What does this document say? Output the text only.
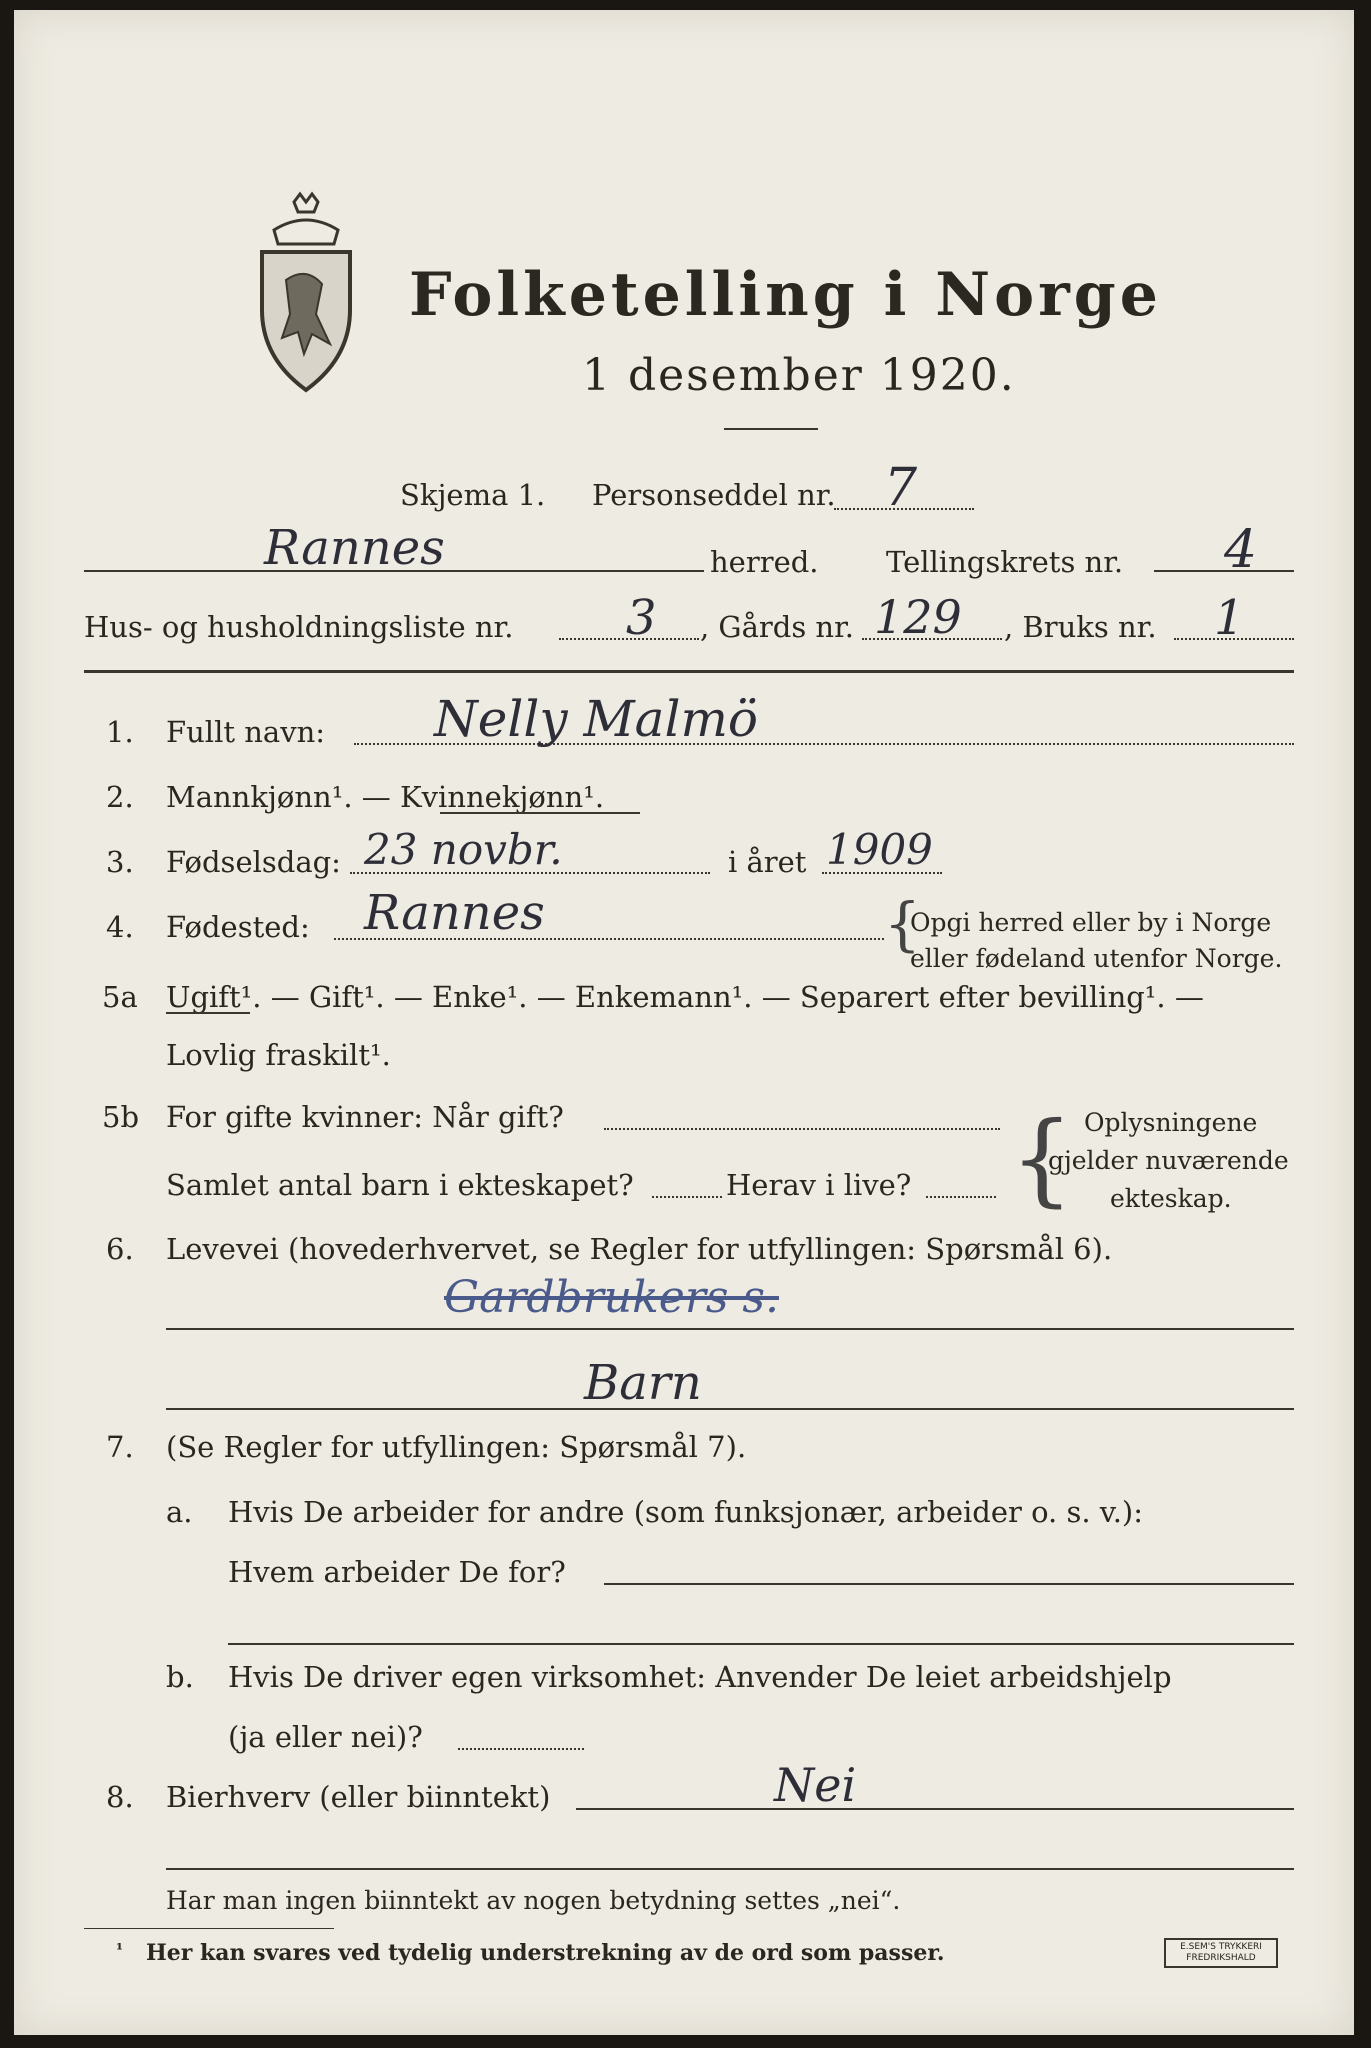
Folketelling i Norge
1 desember 1920.
Skjema 1. Personseddel nr. 7
Rannes	herred. Tellingskrets nr. 4
Hus- og husholdningsliste nr. 3 , Gårds nr. 129 , Bruks nr. 1
1. Fullt navn: Nelly Malmö
2. Mannkjønn¹. — Kvinnekjønn¹.
3. Fødselsdag: 23 novbr.	i året 1909
4. Fødested: Rannes	{
Opgi herred eller by i Norge
eller fødeland utenfor Norge.
5a Ugift¹. — Gift¹. — Enke¹. — Enkemann¹. — Separert efter bevilling¹. —
Lovlig fraskilt¹.
5b For gifte kvinner: Når gift?
Samlet antal barn i ekteskapet?	Herav i live? { Oplysningene
gjelder nuværende
ekteskap.
6. Levevei (hovederhvervet, se Regler for utfyllingen: Spørsmål 6).
Gardbrukers s.
Barn
7. (Se Regler for utfyllingen: Spørsmål 7).
a. Hvis De arbeider for andre (som funksjonær, arbeider o. s. v.):
Hvem arbeider De for?
b. Hvis De driver egen virksomhet: Anvender De leiet arbeidshjelp
(ja eller nei)?
8. Bierhverv (eller biinntekt)	Nei
Har man ingen biinntekt av nogen betydning settes „nei“.
¹ Her kan svares ved tydelig understrekning av de ord som passer.	E.SEM'S TRYKKERI
FREDRIKSHALD
